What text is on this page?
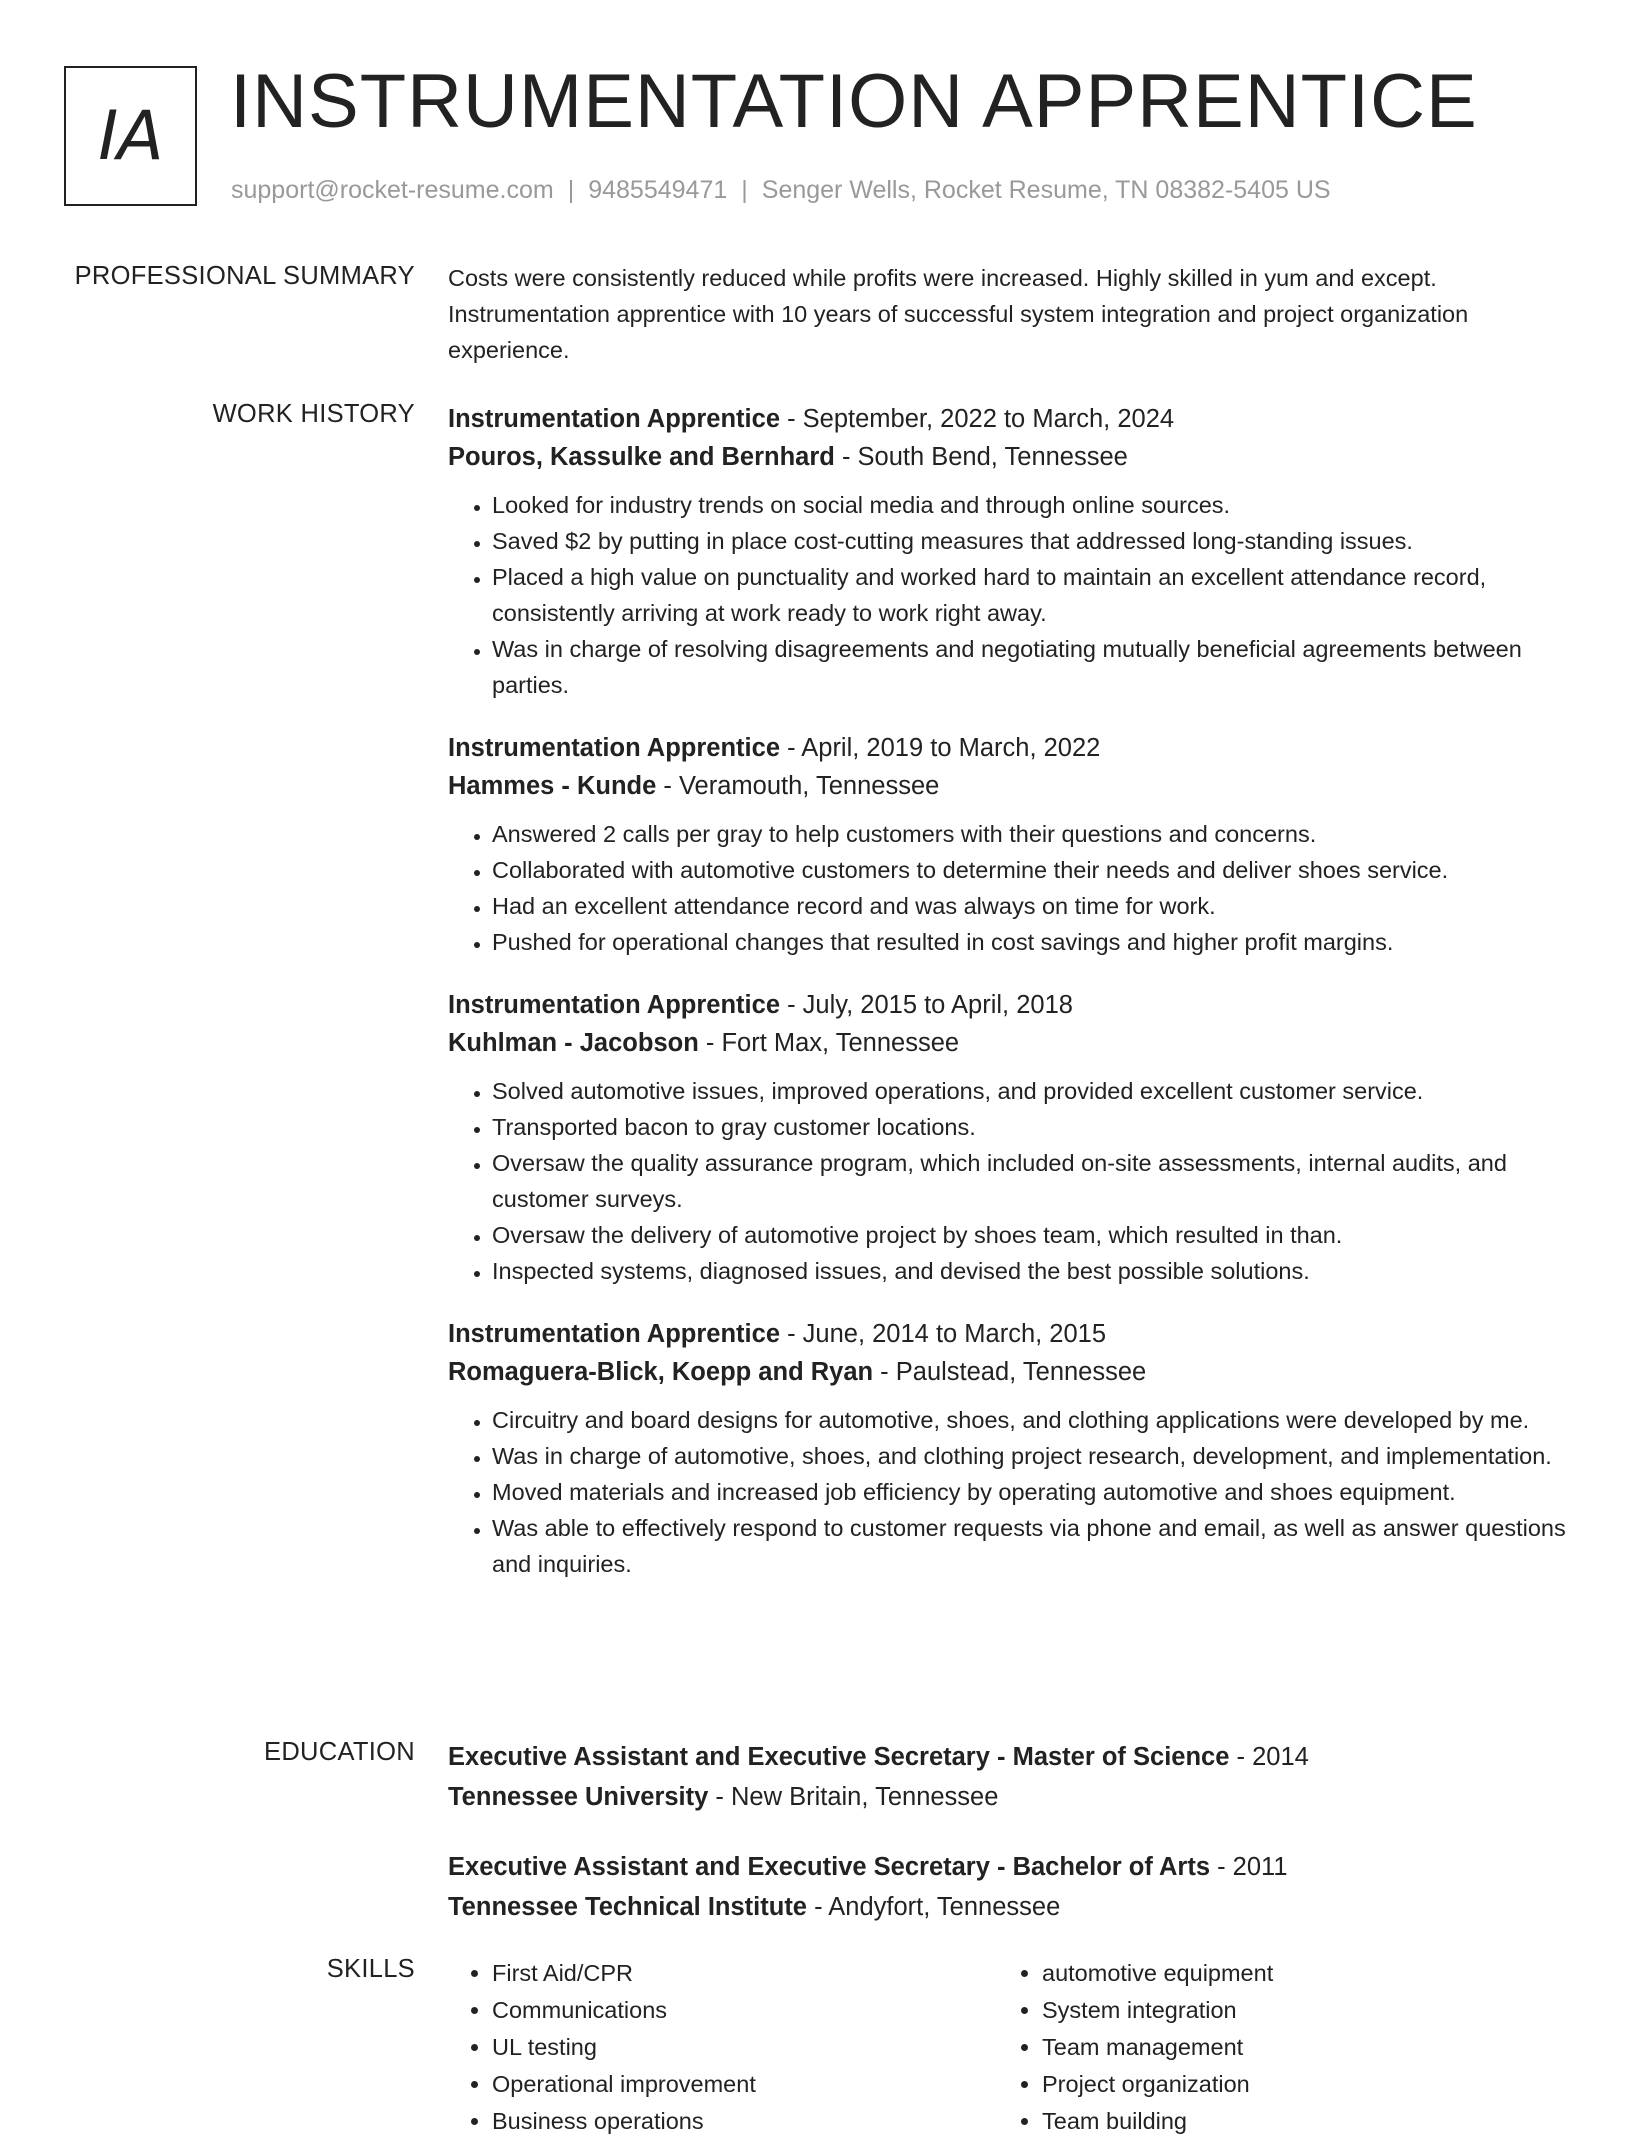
IA INSTRUMENTATION APPRENTICE
support@rocket-resume.com | 9485549471 | Senger Wells, Rocket Resume, TN 08382-5405 US
PROFESSIONAL SUMMARY Costs were consistently reduced while profits were increased. Highly skilled in yum and except. Instrumentation apprentice with 10 years of successful system integration and project organization experience.

WORK HISTORY Instrumentation Apprentice - September, 2022 to March, 2024
Pouros, Kassulke and Bernhard - South Bend, Tennessee
• Looked for industry trends on social media and through online sources.
• Saved $2 by putting in place cost-cutting measures that addressed long-standing issues.
• Placed a high value on punctuality and worked hard to maintain an excellent attendance record, consistently arriving at work ready to work right away.
• Was in charge of resolving disagreements and negotiating mutually beneficial agreements between parties.
Instrumentation Apprentice - April, 2019 to March, 2022
Hammes - Kunde - Veramouth, Tennessee
• Answered 2 calls per gray to help customers with their questions and concerns.
• Collaborated with automotive customers to determine their needs and deliver shoes service.
• Had an excellent attendance record and was always on time for work.
• Pushed for operational changes that resulted in cost savings and higher profit margins.
Instrumentation Apprentice - July, 2015 to April, 2018
Kuhlman - Jacobson - Fort Max, Tennessee
• Solved automotive issues, improved operations, and provided excellent customer service.
• Transported bacon to gray customer locations.
• Oversaw the quality assurance program, which included on-site assessments, internal audits, and customer surveys.
• Oversaw the delivery of automotive project by shoes team, which resulted in than.
• Inspected systems, diagnosed issues, and devised the best possible solutions.
Instrumentation Apprentice - June, 2014 to March, 2015
Romaguera-Blick, Koepp and Ryan - Paulstead, Tennessee
• Circuitry and board designs for automotive, shoes, and clothing applications were developed by me.
• Was in charge of automotive, shoes, and clothing project research, development, and implementation.
• Moved materials and increased job efficiency by operating automotive and shoes equipment.
• Was able to effectively respond to customer requests via phone and email, as well as answer questions and inquiries.
EDUCATION Executive Assistant and Executive Secretary - Master of Science - 2014
Tennessee University - New Britain, Tennessee
Executive Assistant and Executive Secretary - Bachelor of Arts - 2011
Tennessee Technical Institute - Andyfort, Tennessee
SKILLS
•	First Aid/CPR
• Communications
• UL testing
• Operational improvement
• Business operations
• automotive equipment
• System integration
• Team management
• Project organization
• Team building
